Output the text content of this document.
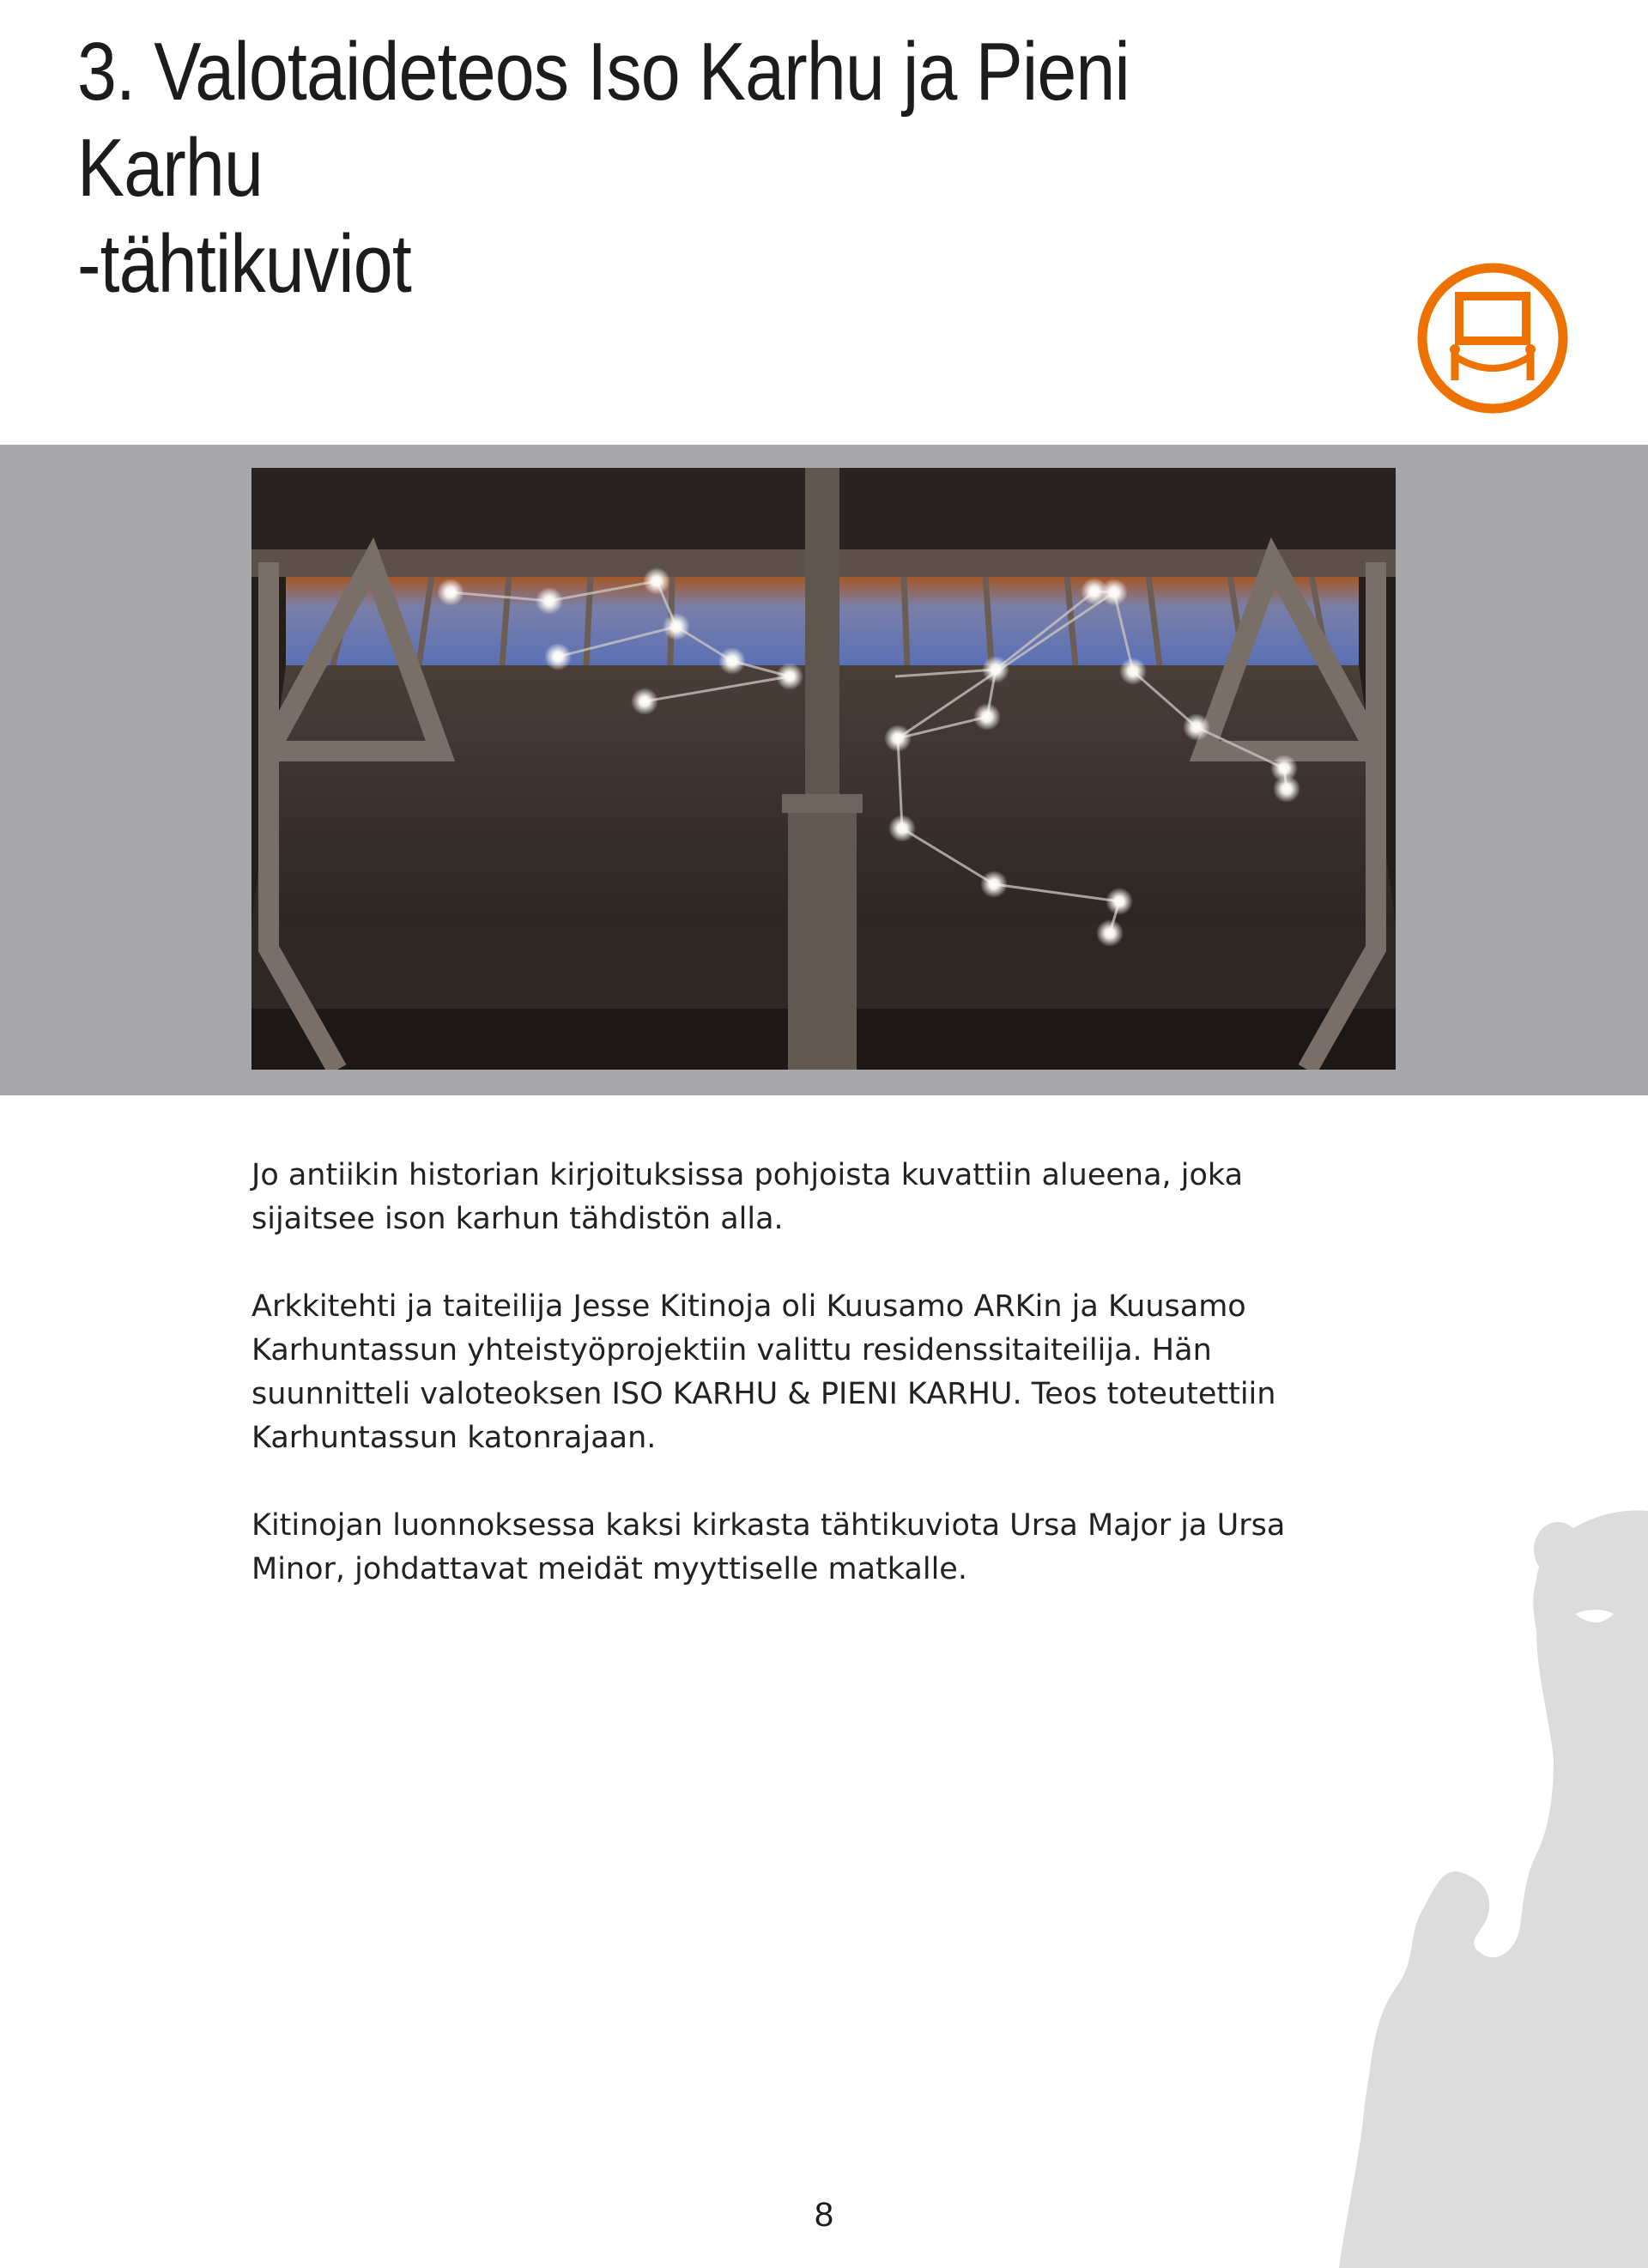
3. Valotaideteos Iso Karhu ja Pieni Karhu
-tähtikuviot

Jo antiikin historian kirjoituksissa pohjoista kuvattiin alueena, joka sijaitsee ison karhun tähdistön alla.

Arkkitehti ja taiteilija Jesse Kitinoja oli Kuusamo ARKin ja Kuusamo Karhuntassun yhteistyöprojektiin valittu residenssitaiteilija. Hän suunnitteli valoteoksen ISO KARHU & PIENI KARHU. Teos toteutettiin Karhuntassun katonrajaan.

Kitinojan luonnoksessa kaksi kirkasta tähtikuviota Ursa Major ja Ursa Minor, johdattavat meidät myyttiselle matkalle.

8
